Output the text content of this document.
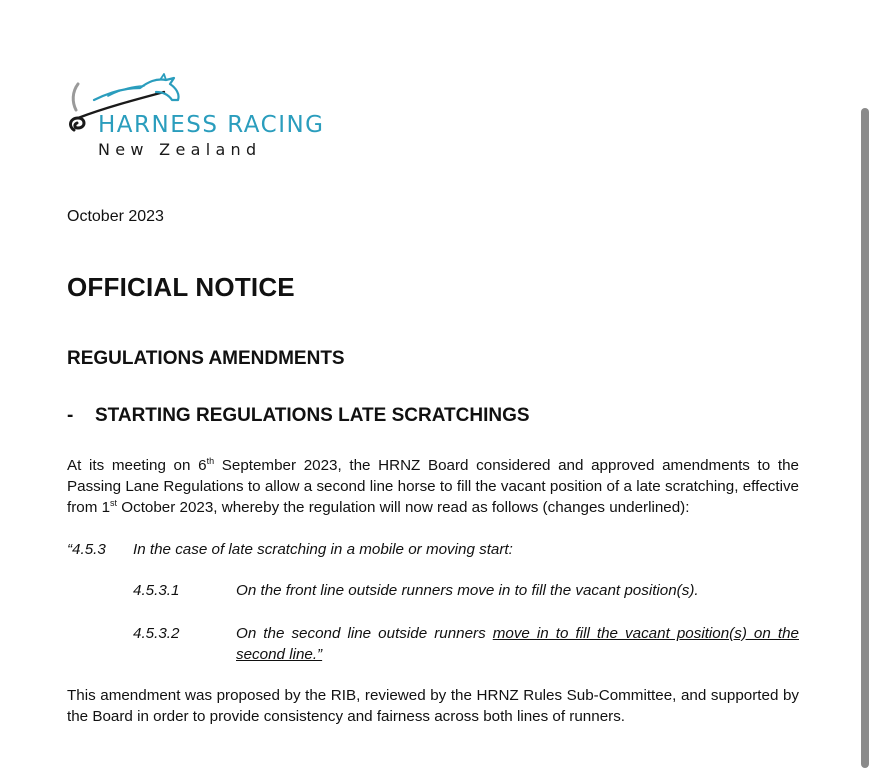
HARNESS RACING
New Zealand
October 2023
OFFICIAL NOTICE
REGULATIONS AMENDMENTS
- STARTING REGULATIONS LATE SCRATCHINGS
At its meeting on 6th September 2023, the HRNZ Board considered and approved amendments to the Passing Lane Regulations to allow a second line horse to fill the vacant position of a late scratching, effective from 1st October 2023, whereby the regulation will now read as follows (changes underlined):
“4.5.3 In the case of late scratching in a mobile or moving start:
4.5.3.1	On the front line outside runners move in to fill the vacant position(s).
4.5.3.2	On the second line outside runners move in to fill the vacant position(s) on the second line.”
This amendment was proposed by the RIB, reviewed by the HRNZ Rules Sub-Committee, and supported by the Board in order to provide consistency and fairness across both lines of runners.
